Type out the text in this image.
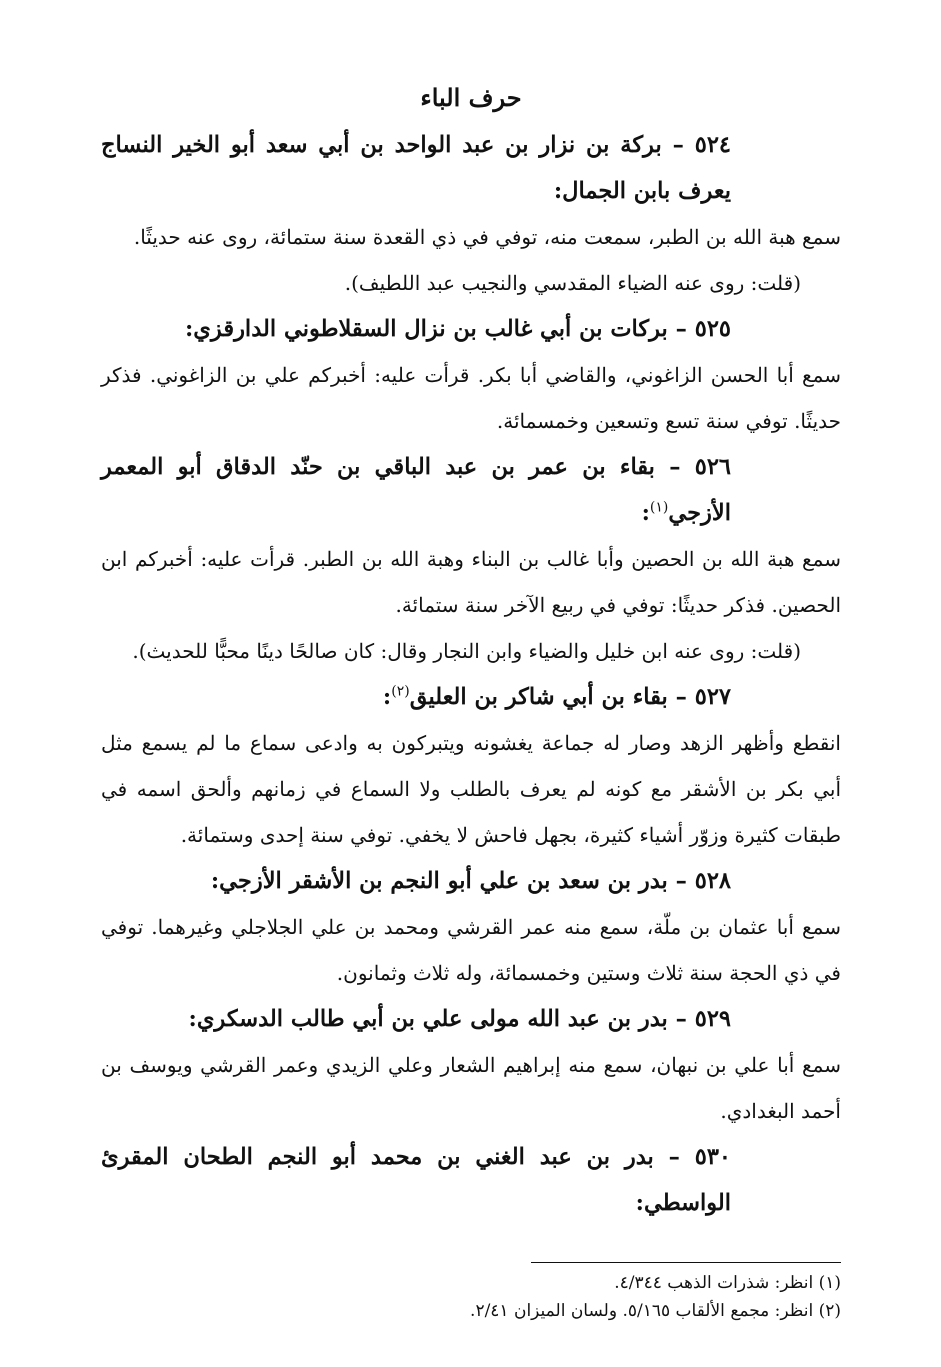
حرف الباء

٥٢٤ – بركة بن نزار بن عبد الواحد بن أبي سعد أبو الخير النساج يعرف بابن الجمال:

سمع هبة الله بن الطبر، سمعت منه، توفي في ذي القعدة سنة ستمائة، روى عنه حديثًا.

(قلت: روى عنه الضياء المقدسي والنجيب عبد اللطيف).

٥٢٥ – بركات بن أبي غالب بن نزال السقلاطوني الدارقزي:

سمع أبا الحسن الزاغوني، والقاضي أبا بكر. قرأت عليه: أخبركم علي بن الزاغوني. فذكر حديثًا. توفي سنة تسع وتسعين وخمسمائة.

٥٢٦ – بقاء بن عمر بن عبد الباقي بن حنّد الدقاق أبو المعمر الأزجي$^{(١)}$:

سمع هبة الله بن الحصين وأبا غالب بن البناء وهبة الله بن الطبر. قرأت عليه: أخبركم ابن الحصين. فذكر حديثًا: توفي في ربيع الآخر سنة ستمائة.

(قلت: روى عنه ابن خليل والضياء وابن النجار وقال: كان صالحًا دينًا محبًّا للحديث).

٥٢٧ – بقاء بن أبي شاكر بن العليق$^{(٢)}$:

انقطع وأظهر الزهد وصار له جماعة يغشونه ويتبركون به وادعى سماع ما لم يسمع مثل أبي بكر بن الأشقر مع كونه لم يعرف بالطلب ولا السماع في زمانهم وألحق اسمه في طبقات كثيرة وزوّر أشياء كثيرة، بجهل فاحش لا يخفي. توفي سنة إحدى وستمائة.

٥٢٨ – بدر بن سعد بن علي أبو النجم بن الأشقر الأزجي:

سمع أبا عثمان بن ملّة، سمع منه عمر القرشي ومحمد بن علي الجلاجلي وغيرهما. توفي في ذي الحجة سنة ثلاث وستين وخمسمائة، وله ثلاث وثمانون.

٥٢٩ – بدر بن عبد الله مولى علي بن أبي طالب الدسكري:

سمع أبا علي بن نبهان، سمع منه إبراهيم الشعار وعلي الزيدي وعمر القرشي ويوسف بن أحمد البغدادي.

٥٣٠ – بدر بن عبد الغني بن محمد أبو النجم الطحان المقرئ الواسطي:

(١) انظر: شذرات الذهب ٤/٣٤٤.

(٢) انظر: مجمع الألقاب ٥/١٦٥. ولسان الميزان ٢/٤١.
